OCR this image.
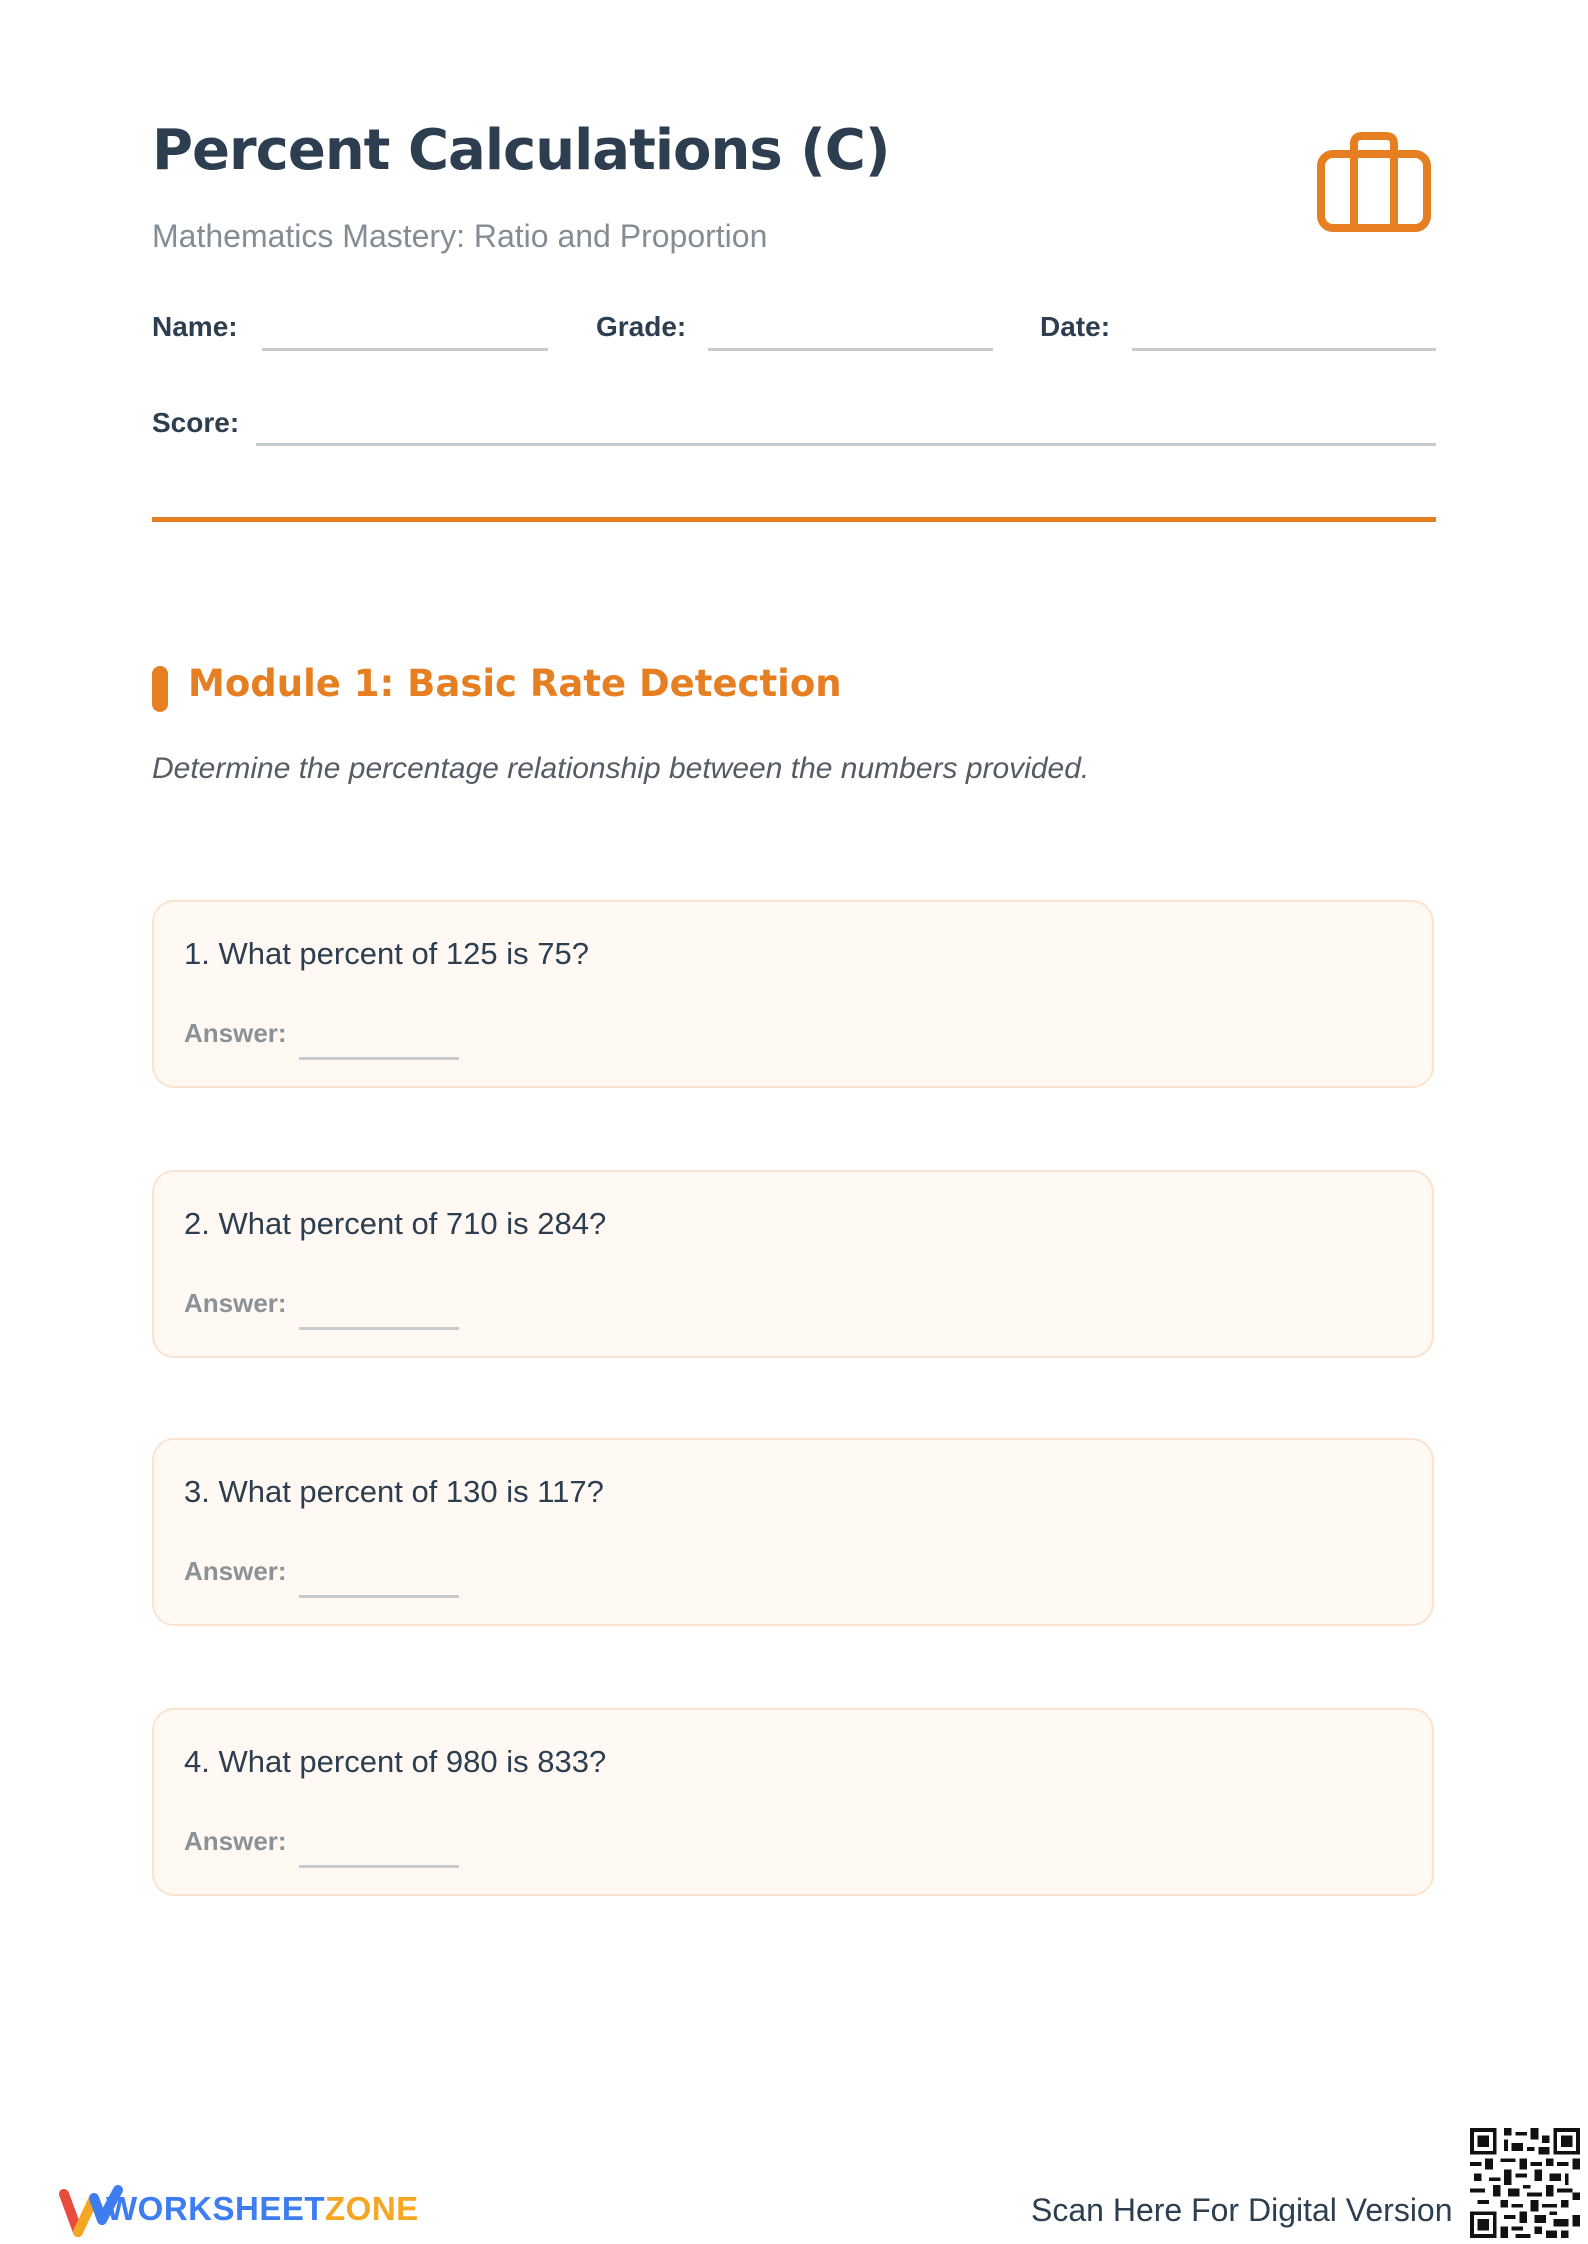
Percent Calculations (C)
Mathematics Mastery: Ratio and Proportion
Name:	Grade:	Date:
Score:
Module 1: Basic Rate Detection
Determine the percentage relationship between the numbers provided.
1. What percent of 125 is 75?
Answer:
2. What percent of 710 is 284?
Answer:
3. What percent of 130 is 117?
Answer:
4. What percent of 980 is 833?
Answer:
WORKSHEETZONE	Scan Here For Digital Version
